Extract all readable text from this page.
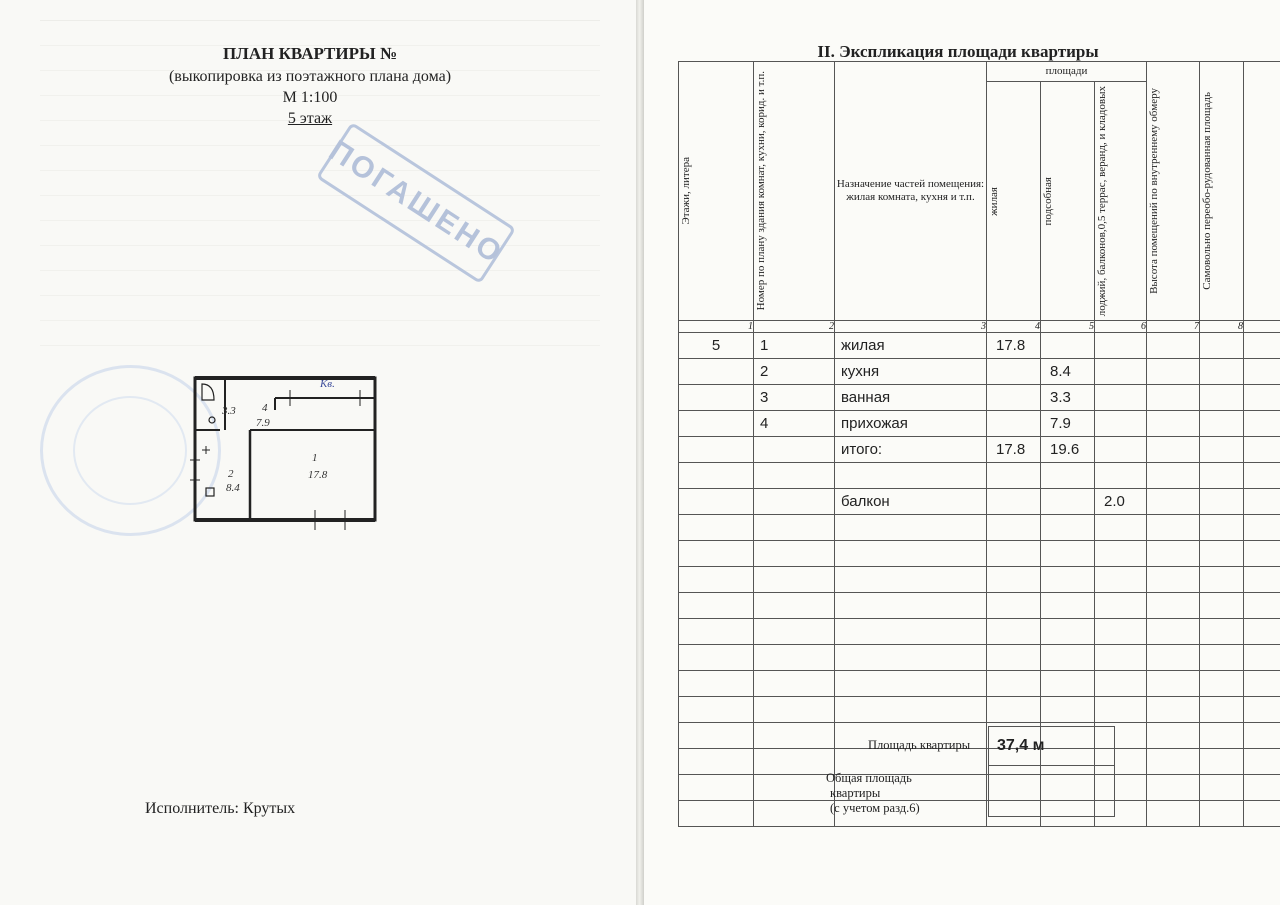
ПОГАШЕНО
ПЛАН КВАРТИРЫ №
(выкопировка из поэтажного плана дома)
М 1:100
5 этаж
Кв.
3.3 4
7.9
1
17.8
2
8.4
Исполнитель: Крутых
II. Экспликация площади квартиры
Этажи, литера	Номер по плану здания комнат, кухни, корид. и т.п.	Назначение частей помещения: жилая комната, кухня и т.п.	площади			Высота помещений по внутреннему обмеру	Самовольно переобо-рудованная площадь	

			жилая	подсобная	лоджий, балконов,0,5 террас, веранд, и кладовых			

1	2	3	4	5	6	7	8	
5	1	жилая	17.8					
	2	кухня		8.4				
	3	ванная		3.3				
	4	прихожая		7.9				
		итого:	17.8	19.6				

		балкон			2.0			

Площадь квартиры
Общая площадь
квартиры
(с учетом разд.6)
37,4 м
